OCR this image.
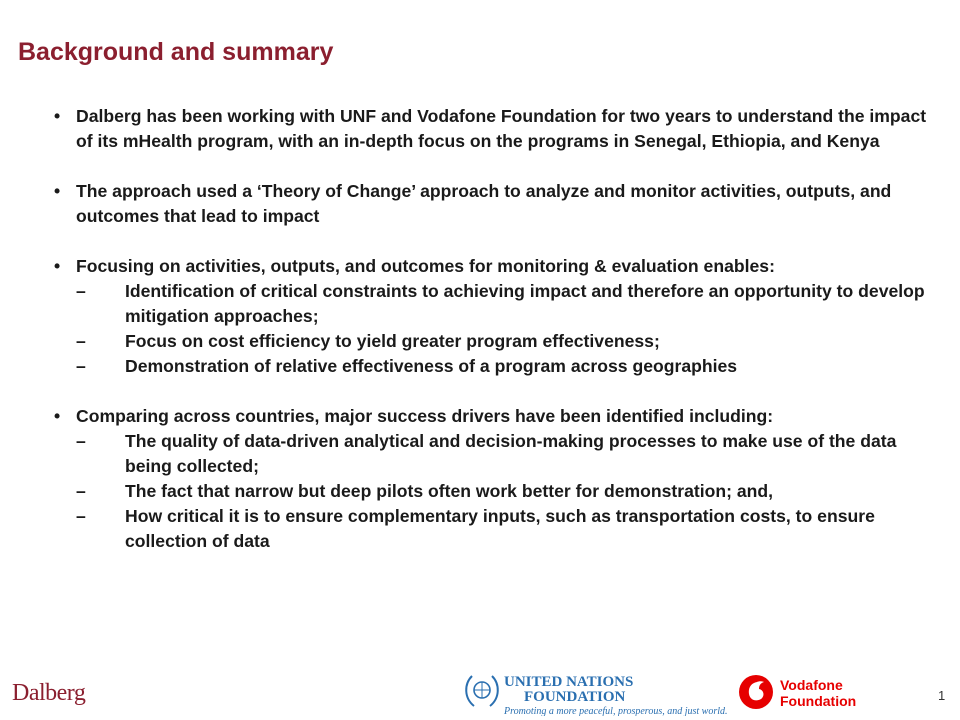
Background and summary
• Dalberg has been working with UNF and Vodafone Foundation for two years to understand the impact of its mHealth program, with an in-depth focus on the programs in Senegal, Ethiopia, and Kenya
• The approach used a ‘Theory of Change’ approach to analyze and monitor activities, outputs, and outcomes that lead to impact
• Focusing on activities, outputs, and outcomes for monitoring & evaluation enables:
– Identification of critical constraints to achieving impact and therefore an opportunity to develop mitigation approaches;
– Focus on cost efficiency to yield greater program effectiveness;
– Demonstration of relative effectiveness of a program across geographies
• Comparing across countries, major success drivers have been identified including:
– The quality of data-driven analytical and decision-making processes to make use of the data being collected;
– The fact that narrow but deep pilots often work better for demonstration; and,
– How critical it is to ensure complementary inputs, such as transportation costs, to ensure collection of data
Dalberg	UNITED NATIONS
FOUNDATION
Promoting a more peaceful, prosperous, and just world.
Vodafone
Foundation	1
